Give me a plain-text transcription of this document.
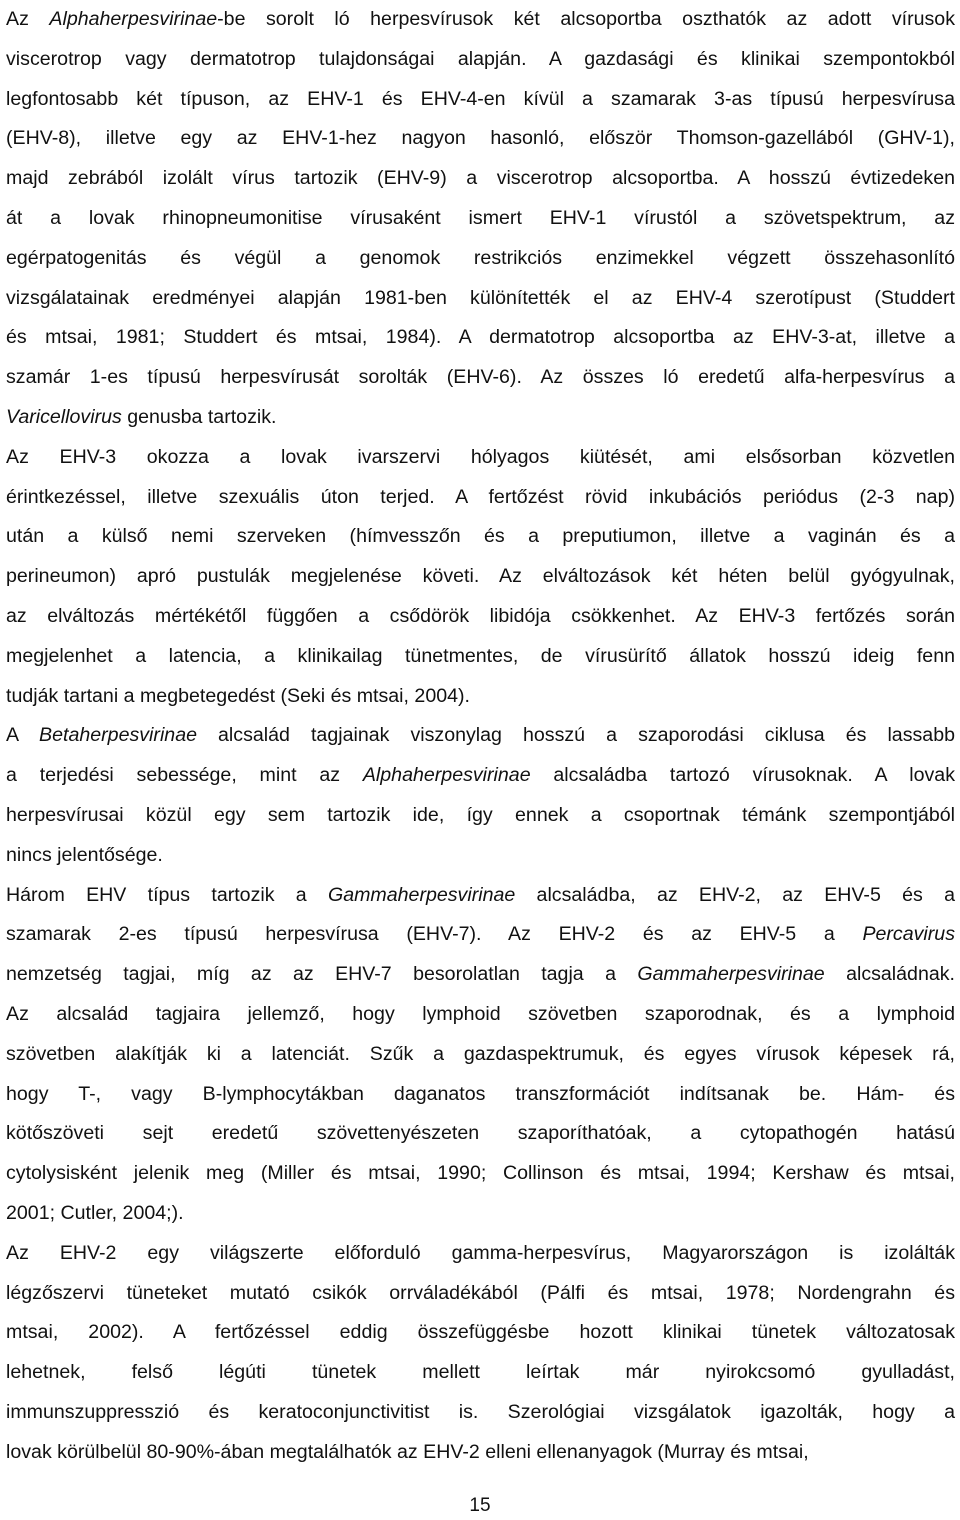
Az Alphaherpesvirinae-be sorolt ló herpesvírusok két alcsoportba oszthatók az adott vírusok
viscerotrop vagy dermatotrop tulajdonságai alapján. A gazdasági és klinikai szempontokból
legfontosabb két típuson, az EHV-1 és EHV-4-en kívül a szamarak 3-as típusú herpesvírusa
(EHV-8), illetve egy az EHV-1-hez nagyon hasonló, először Thomson-gazellából (GHV-1),
majd zebrából izolált vírus tartozik (EHV-9) a viscerotrop alcsoportba. A hosszú évtizedeken
át a lovak rhinopneumonitise vírusaként ismert EHV-1 vírustól a szövetspektrum, az
egérpatogenitás és végül a genomok restrikciós enzimekkel végzett összehasonlító
vizsgálatainak eredményei alapján 1981-ben különítették el az EHV-4 szerotípust (Studdert
és mtsai, 1981; Studdert és mtsai, 1984). A dermatotrop alcsoportba az EHV-3-at, illetve a
szamár 1-es típusú herpesvírusát sorolták (EHV-6). Az összes ló eredetű alfa-herpesvírus a
Varicellovirus genusba tartozik.
Az EHV-3 okozza a lovak ivarszervi hólyagos kiütését, ami elsősorban közvetlen
érintkezéssel, illetve szexuális úton terjed. A fertőzést rövid inkubációs periódus (2-3 nap)
után a külső nemi szerveken (hímvesszőn és a preputiumon, illetve a vaginán és a
perineumon) apró pustulák megjelenése követi. Az elváltozások két héten belül gyógyulnak,
az elváltozás mértékétől függően a csődörök libidója csökkenhet. Az EHV-3 fertőzés során
megjelenhet a latencia, a klinikailag tünetmentes, de vírusürítő állatok hosszú ideig fenn
tudják tartani a megbetegedést (Seki és mtsai, 2004).
A Betaherpesvirinae alcsalád tagjainak viszonylag hosszú a szaporodási ciklusa és lassabb
a terjedési sebessége, mint az Alphaherpesvirinae alcsaládba tartozó vírusoknak. A lovak
herpesvírusai közül egy sem tartozik ide, így ennek a csoportnak témánk szempontjából
nincs jelentősége.
Három EHV típus tartozik a Gammaherpesvirinae alcsaládba, az EHV-2, az EHV-5 és a
szamarak 2-es típusú herpesvírusa (EHV-7). Az EHV-2 és az EHV-5 a Percavirus
nemzetség tagjai, míg az az EHV-7 besorolatlan tagja a Gammaherpesvirinae alcsaládnak.
Az alcsalád tagjaira jellemző, hogy lymphoid szövetben szaporodnak, és a lymphoid
szövetben alakítják ki a latenciát. Szűk a gazdaspektrumuk, és egyes vírusok képesek rá,
hogy T-, vagy B-lymphocytákban daganatos transzformációt indítsanak be. Hám- és
kötőszöveti sejt eredetű szövettenyészeten szaporíthatóak, a cytopathogén hatású
cytolysisként jelenik meg (Miller és mtsai, 1990; Collinson és mtsai, 1994; Kershaw és mtsai,
2001; Cutler, 2004;).
Az EHV-2 egy világszerte előforduló gamma-herpesvírus, Magyarországon is izolálták
légzőszervi tüneteket mutató csikók orrváladékából (Pálfi és mtsai, 1978; Nordengrahn és
mtsai, 2002). A fertőzéssel eddig összefüggésbe hozott klinikai tünetek változatosak
lehetnek, felső légúti tünetek mellett leírtak már nyirokcsomó gyulladást,
immunszuppresszió és keratoconjunctivitist is. Szerológiai vizsgálatok igazolták, hogy a
lovak körülbelül 80-90%-ában megtalálhatók az EHV-2 elleni ellenanyagok (Murray és mtsai,
15
